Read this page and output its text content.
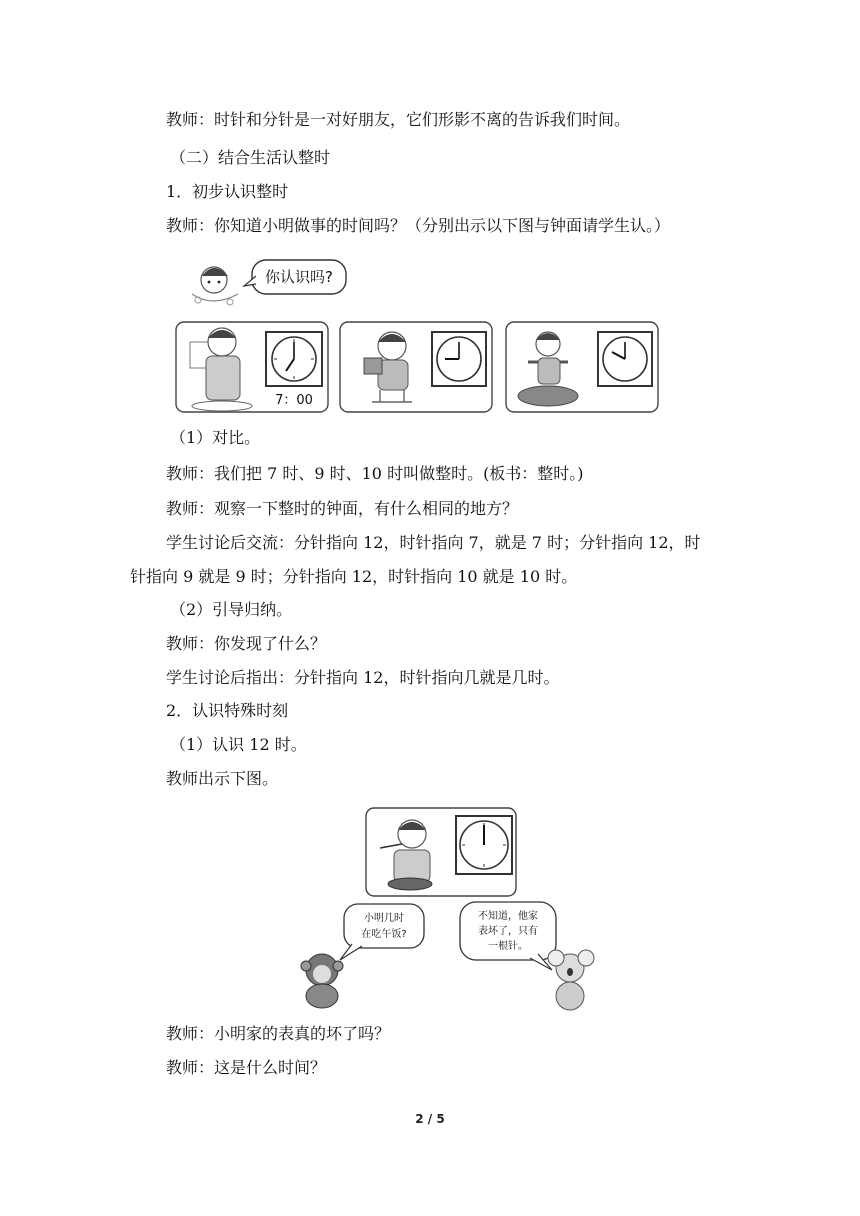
教师：时针和分针是一对好朋友，它们形影不离的告诉我们时间。
（二）结合生活认整时
1．初步认识整时
教师：你知道小明做事的时间吗？（分别出示以下图与钟面请学生认。）
你认识吗?
7：00
（1）对比。
教师：我们把 7 时、9 时、10 时叫做整时。(板书：整时。)
教师：观察一下整时的钟面，有什么相同的地方？
学生讨论后交流：分针指向 12，时针指向 7，就是 7 时；分针指向 12，时
针指向 9 就是 9 时；分针指向 12，时针指向 10 就是 10 时。
（2）引导归纳。
教师：你发现了什么？
学生讨论后指出：分针指向 12，时针指向几就是几时。
2．认识特殊时刻
（1）认识 12 时。
教师出示下图。
小明几时
在吃午饭?
不知道，他家
表坏了，只有
一根针。
教师：小明家的表真的坏了吗？
教师：这是什么时间？
2 / 5
